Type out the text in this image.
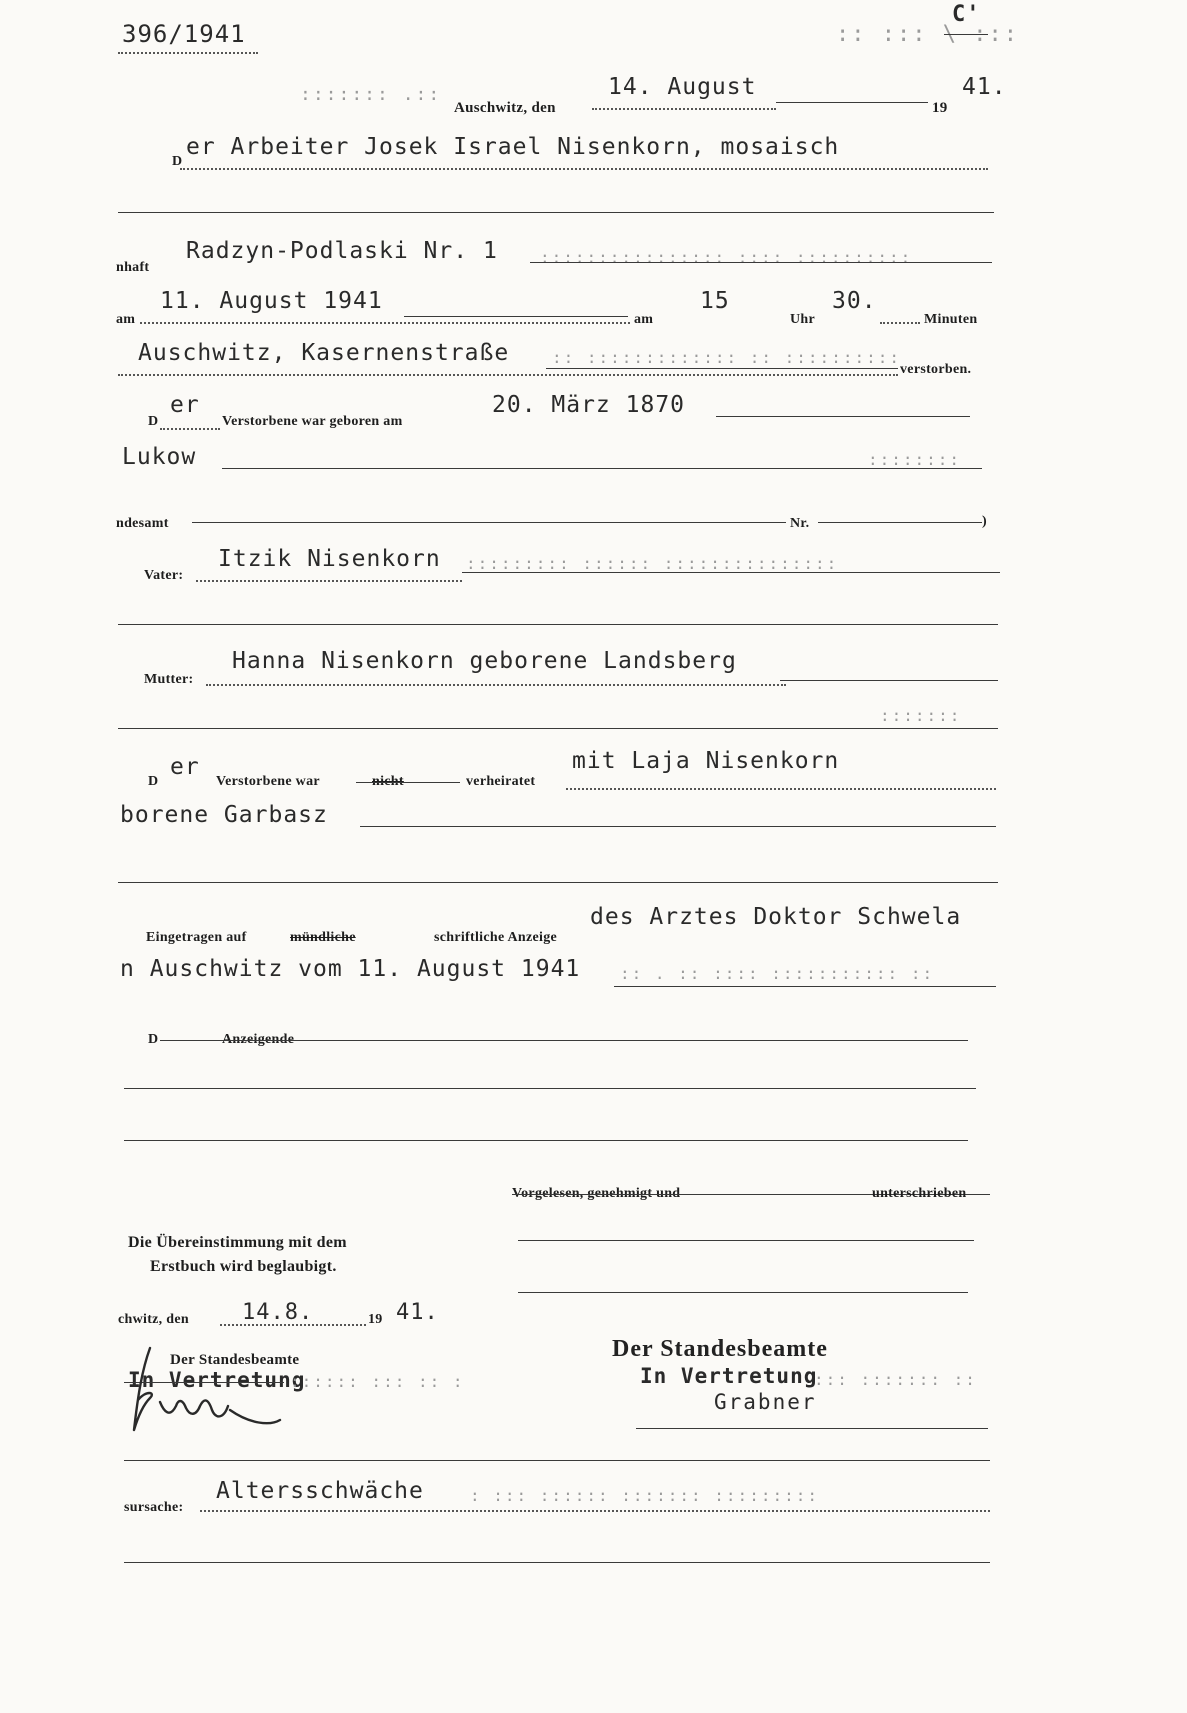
396/1941	:: ::: \ :::
C'
::::::: .::
Auschwitz, den
14. August
19
41.
D
er Arbeiter Josek Israel Nisenkorn, mosaisch
nhaft
Radzyn-Podlaski Nr. 1	:::::::::::::::: :::: ::::::::::
am
11. August 1941
am
15
Uhr
30.
Minuten
Auschwitz, Kasernenstraße	:: ::::::::::::: :: ::::::::::
verstorben.
D
er
Verstorbene war geboren am
20. März 1870
Lukow	::::::::
ndesamt	Nr.	)
Vater:
Itzik Nisenkorn ::::::::: :::::: :::::::::::::::
Mutter:
Hanna Nisenkorn geborene Landsberg
:::::::
D
er
Verstorbene war	nicht	verheiratet
mit Laja Nisenkorn
borene Garbasz
Eingetragen auf	mündliche	schriftliche Anzeige
des Arztes Doktor Schwela
n Auschwitz vom 11. August 1941 :: . :: :::: ::::::::::: ::
D	Anzeigende
Vorgelesen, genehmigt und	unterschrieben
Die Übereinstimmung mit dem
Erstbuch wird beglaubigt.
chwitz, den 14.8.	19 41.
Der Standesbeamte
In Vertretung
:::::: ::: :: :
Der Standesbeamte
In Vertretung
::: ::::::: ::
Grabner
sursache:
Altersschwäche	: ::: :::::: ::::::: :::::::::
